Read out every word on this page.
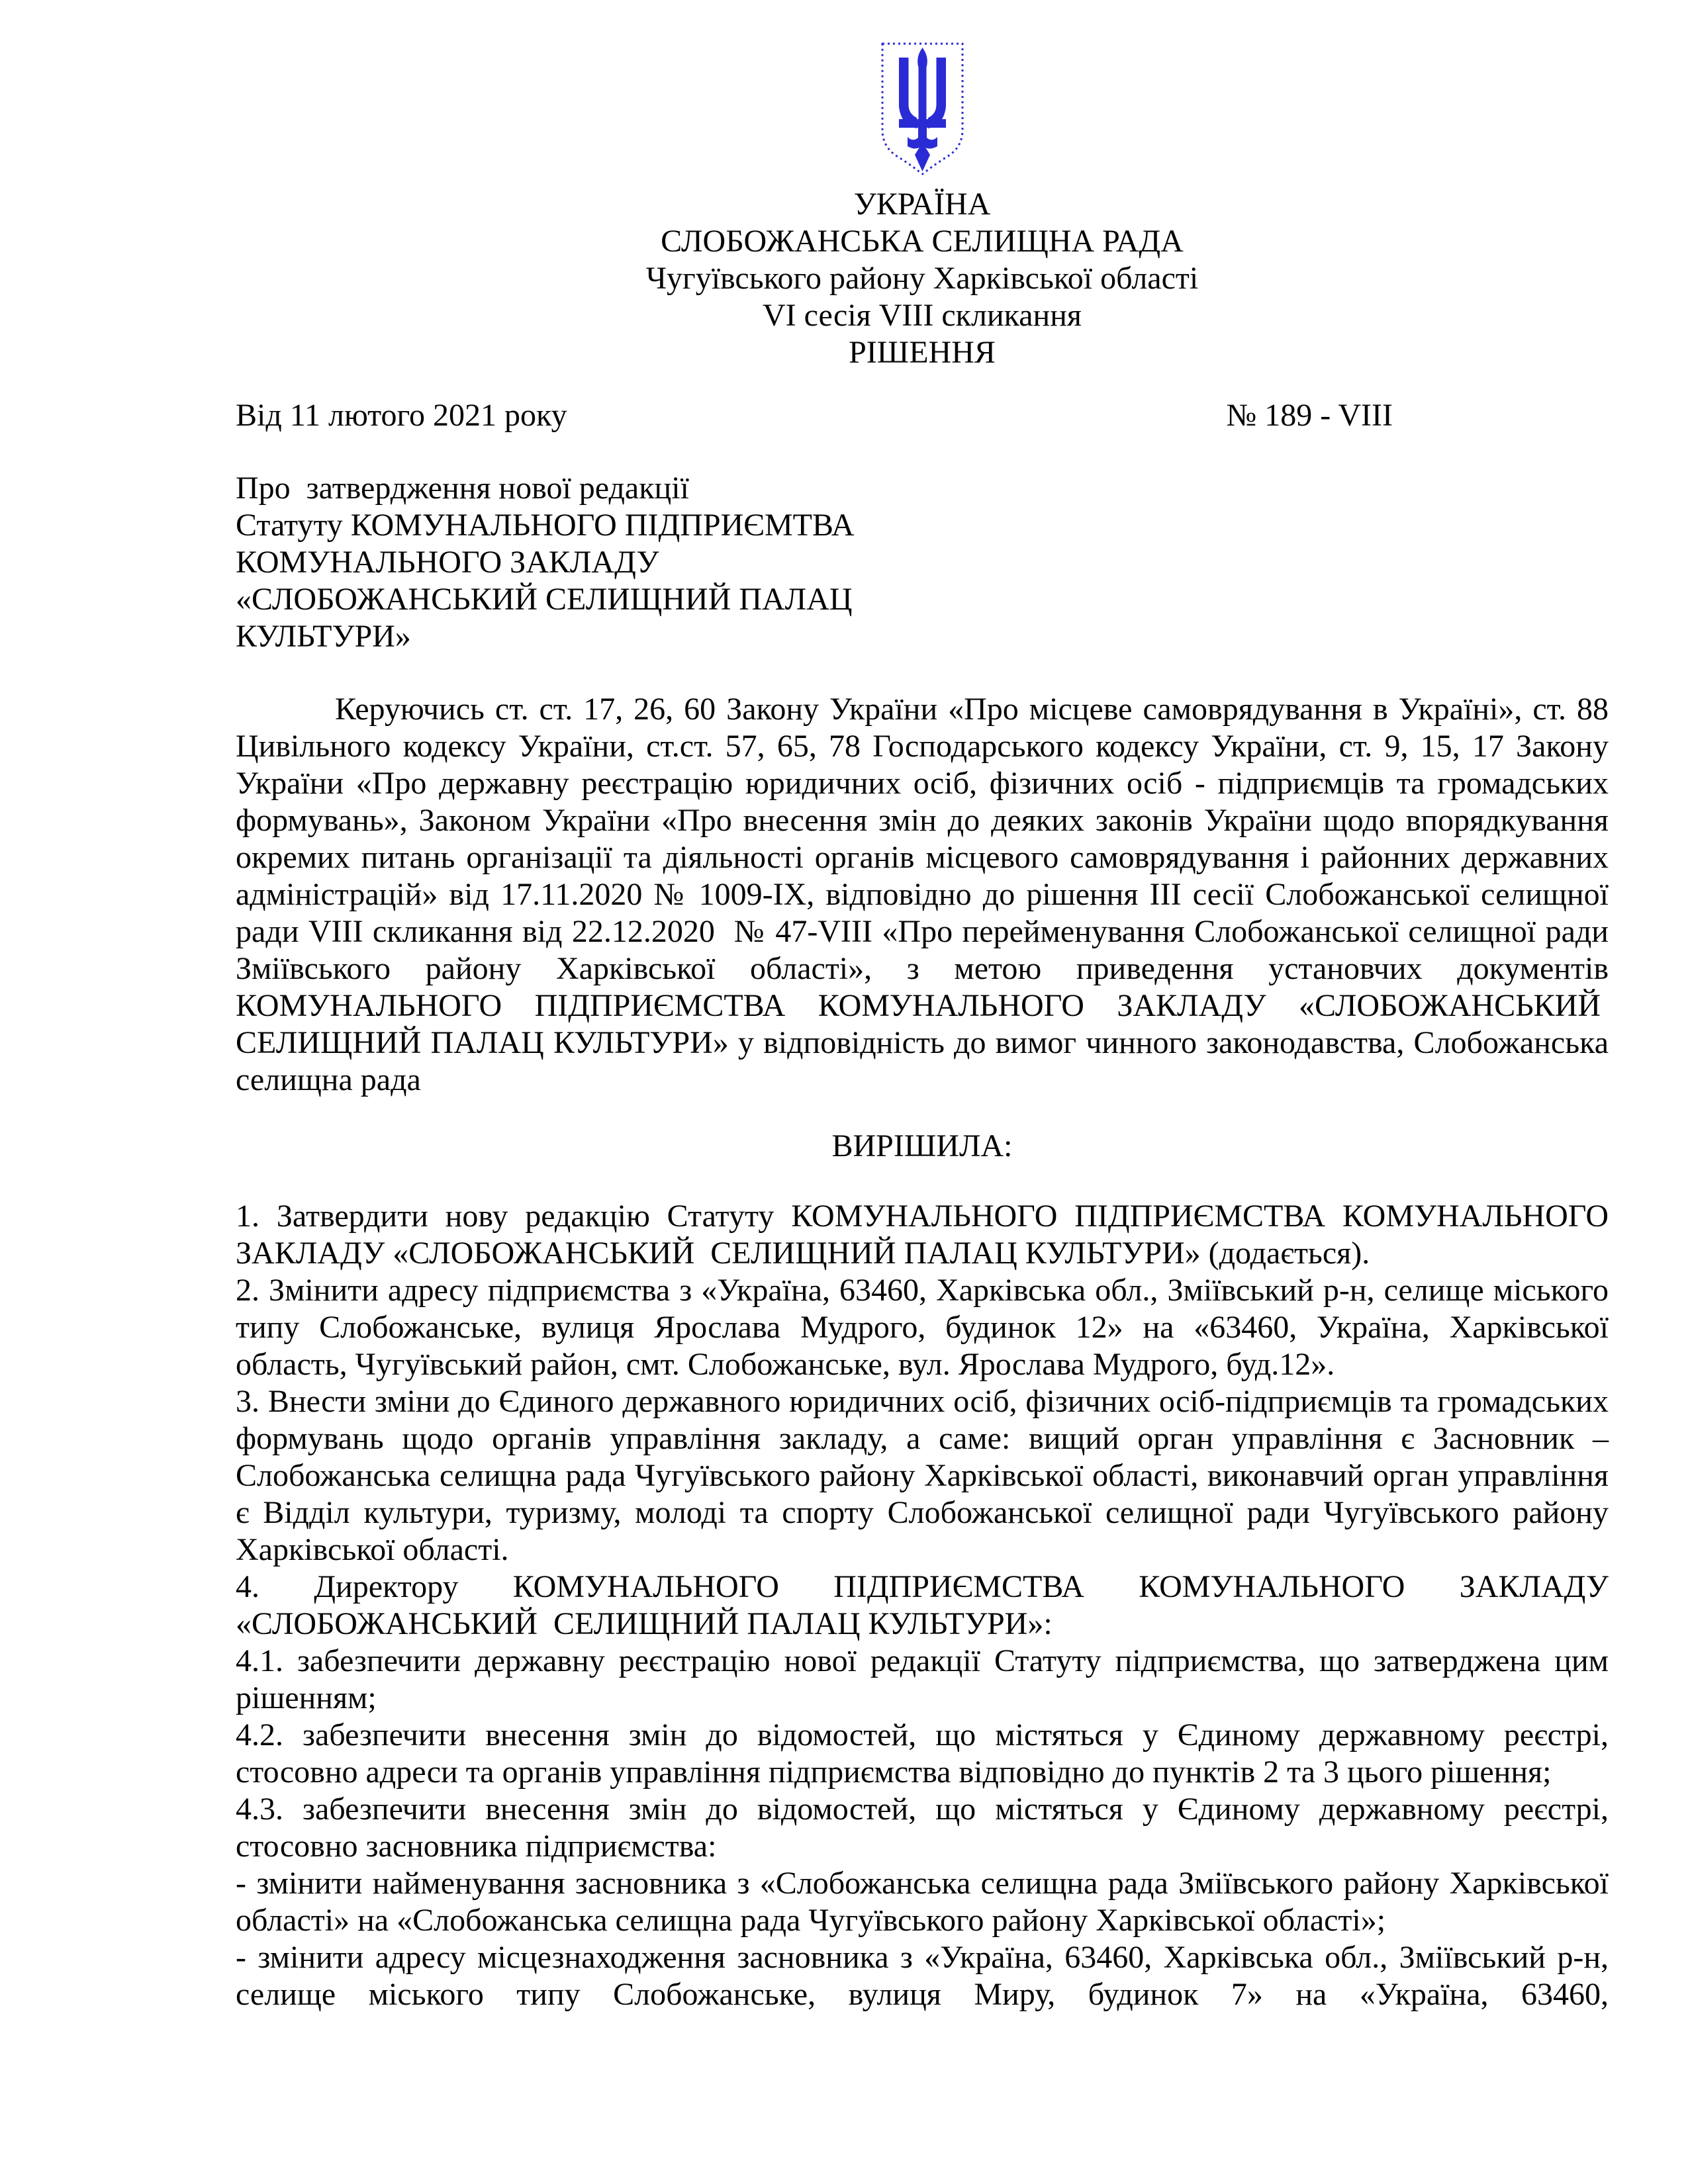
УКРАЇНА
СЛОБОЖАНСЬКА СЕЛИЩНА РАДА
Чугуївського району Харківської області
VI сесія VIII скликання
РІШЕННЯ
Від 11 лютого 2021 року	№ 189 - VIII
Про  затвердження нової редакції
Статуту КОМУНАЛЬНОГО ПІДПРИЄМТВА
КОМУНАЛЬНОГО ЗАКЛАДУ
«СЛОБОЖАНСЬКИЙ СЕЛИЩНИЙ ПАЛАЦ
КУЛЬТУРИ»

Керуючись ст. ст. 17, 26, 60 Закону України «Про місцеве самоврядування в Україні», ст. 88 Цивільного кодексу України, ст.ст. 57, 65, 78 Господарського кодексу України, ст. 9, 15, 17 Закону України «Про державну реєстрацію юридичних осіб, фізичних осіб - підприємців та громадських формувань», Законом України «Про внесення змін до деяких законів України щодо впорядкування окремих питань організації та діяльності органів місцевого самоврядування і районних державних адміністрацій» від 17.11.2020 № 1009-ІХ, відповідно до рішення ІІІ сесії Слобожанської селищної ради VIII скликання від 22.12.2020  № 47-VIII «Про перейменування Слобожанської селищної ради Зміївського району Харківської області», з метою приведення установчих документів КОМУНАЛЬНОГО ПІДПРИЄМСТВА КОМУНАЛЬНОГО ЗАКЛАДУ «СЛОБОЖАНСЬКИЙ  СЕЛИЩНИЙ ПАЛАЦ КУЛЬТУРИ» у відповідність до вимог чинного законодавства, Слобожанська селищна рада

ВИРІШИЛА:

1. Затвердити нову редакцію Статуту КОМУНАЛЬНОГО ПІДПРИЄМСТВА КОМУНАЛЬНОГО ЗАКЛАДУ «СЛОБОЖАНСЬКИЙ  СЕЛИЩНИЙ ПАЛАЦ КУЛЬТУРИ» (додається).

2. Змінити адресу підприємства з «Україна, 63460, Харківська обл., Зміївський р-н, селище міського типу Слобожанське, вулиця Ярослава Мудрого, будинок 12» на «63460, Україна, Харківської область, Чугуївський район, смт. Слобожанське, вул. Ярослава Мудрого, буд.12».

3. Внести зміни до Єдиного державного юридичних осіб, фізичних осіб-підприємців та громадських формувань щодо органів управління закладу, а саме: вищий орган управління є Засновник – Слобожанська селищна рада Чугуївського району Харківської області, виконавчий орган управління є Відділ культури, туризму, молоді та спорту Слобожанської селищної ради Чугуївського району Харківської області.

4. Директору КОМУНАЛЬНОГО ПІДПРИЄМСТВА КОМУНАЛЬНОГО ЗАКЛАДУ «СЛОБОЖАНСЬКИЙ  СЕЛИЩНИЙ ПАЛАЦ КУЛЬТУРИ»:

4.1. забезпечити державну реєстрацію нової редакції Статуту підприємства, що затверджена цим рішенням;

4.2. забезпечити внесення змін до відомостей, що містяться у Єдиному державному реєстрі, стосовно адреси та органів управління підприємства відповідно до пунктів 2 та 3 цього рішення;

4.3. забезпечити внесення змін до відомостей, що містяться у Єдиному державному реєстрі, стосовно засновника підприємства:

- змінити найменування засновника з «Слобожанська селищна рада Зміївського району Харківської області» на «Слобожанська селищна рада Чугуївського району Харківської області»;

- змінити адресу місцезнаходження засновника з «Україна, 63460, Харківська обл., Зміївський р-н, селище міського типу Слобожанське, вулиця Миру, будинок 7» на «Україна, 63460,
